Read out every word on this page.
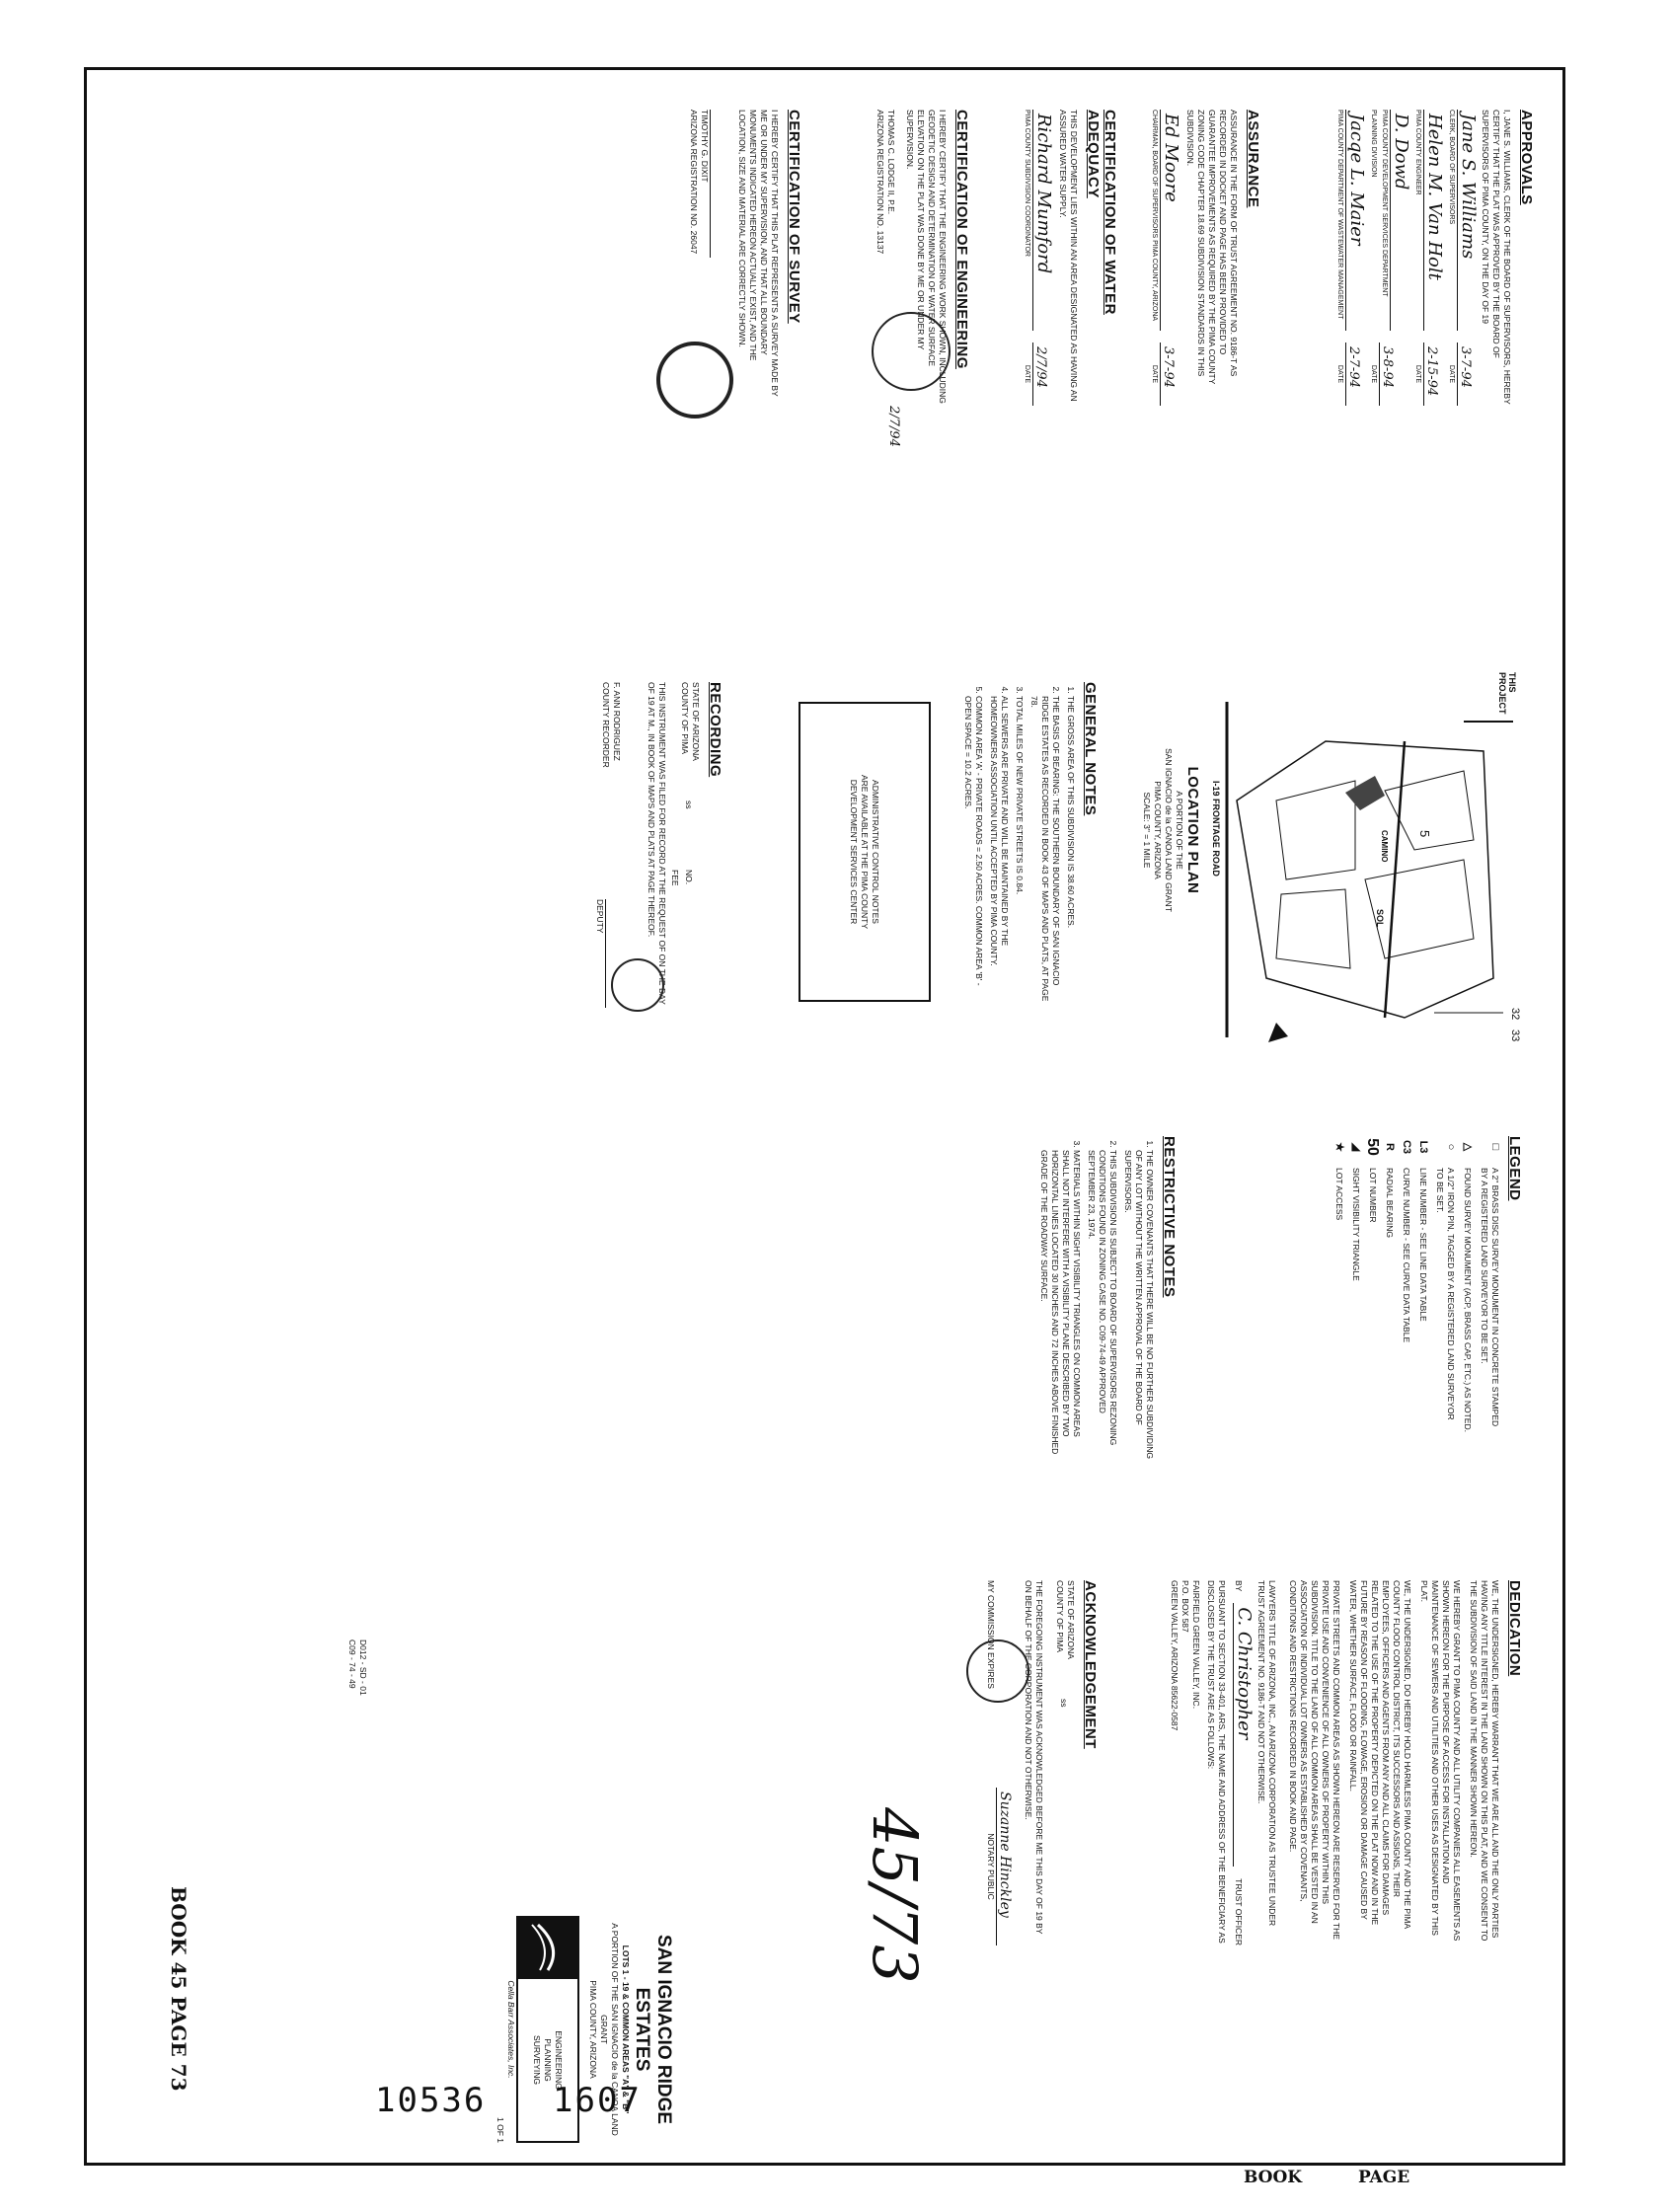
APPROVALS

I, JANE S. WILLIAMS, CLERK OF THE BOARD OF SUPERVISORS, HEREBY CERTIFY THAT THE PLAT WAS APPROVED BY THE BOARD OF SUPERVISORS OF PIMA COUNTY, ON THE DAY OF 19

Jane S. Williams

CLERK, BOARD OF SUPERVISORS

3-7-94

DATE

Helen M. Van Holt

PIMA COUNTY ENGINEER

2-15-94

DATE

D. Dowd

PIMA COUNTY DEVELOPMENT SERVICES DEPARTMENT PLANNING DIVISION

3-8-94

DATE

Jacqe L. Maier

PIMA COUNTY DEPARTMENT OF WASTEWATER MANAGEMENT

2-7-94

DATE

ASSURANCE

ASSURANCE IN THE FORM OF TRUST AGREEMENT NO. 9186-T AS RECORDED IN DOCKET AND PAGE HAS BEEN PROVIDED TO GUARANTEE IMPROVEMENTS AS REQUIRED BY THE PIMA COUNTY ZONING CODE CHAPTER 18.69 SUBDIVISION STANDARDS IN THIS SUBDIVISION.

Ed Moore

CHAIRMAN, BOARD OF SUPERVISORS PIMA COUNTY, ARIZONA

3-7-94

DATE

CERTIFICATION OF WATER ADEQUACY

THIS DEVELOPMENT LIES WITHIN AN AREA DESIGNATED AS HAVING AN ASSURED WATER SUPPLY.

Richard Mumford

PIMA COUNTY SUBDIVISION COORDINATOR

2/7/94

DATE

CERTIFICATION OF ENGINEERING

I HEREBY CERTIFY THAT THE ENGINEERING WORK SHOWN, INCLUDING GEODETIC DESIGN AND DETERMINATION OF WATER SURFACE ELEVATION ON THE PLAT WAS DONE BY ME OR UNDER MY SUPERVISION.

THOMAS C. LODGE II, P.E.

ARIZONA REGISTRATION NO. 13137

2/7/94

CERTIFICATION OF SURVEY

I HEREBY CERTIFY THAT THIS PLAT REPRESENTS A SURVEY MADE BY ME OR UNDER MY SUPERVISION, AND THAT ALL BOUNDARY MONUMENTS INDICATED HEREON ACTUALLY EXIST, AND THE LOCATION, SIZE AND MATERIAL ARE CORRECTLY SHOWN.

TIMOTHY G. DIXIT

ARIZONA REGISTRATION NO. 26047

THIS PROJECT
32
33
5
CAMINO
SOL
I-19 FRONTAGE ROAD

LOCATION PLAN

A PORTION OF THE

SAN IGNACIO de la CANOA LAND GRANT

PIMA COUNTY, ARIZONA

SCALE: 3" = 1 MILE

GENERAL NOTES

1. THE GROSS AREA OF THIS SUBDIVISION IS 38.60 ACRES.
2. THE BASIS OF BEARING: THE SOUTHERN BOUNDARY OF SAN IGNACIO RIDGE ESTATES AS RECORDED IN BOOK 43 OF MAPS AND PLATS, AT PAGE 78.
3. TOTAL MILES OF NEW PRIVATE STREETS IS 0.84.
4. ALL SEWERS ARE PRIVATE AND WILL BE MAINTAINED BY THE HOMEOWNERS ASSOCIATION UNTIL ACCEPTED BY PIMA COUNTY.
5. COMMON AREA 'A' - PRIVATE ROADS = 2.50 ACRES. COMMON AREA 'B' - OPEN SPACE = 10.2 ACRES.

ADMINISTRATIVE CONTROL NOTES

ARE AVAILABLE AT THE PIMA COUNTY

DEVELOPMENT SERVICES CENTER

RECORDING

STATE OF ARIZONA

COUNTY OF PIMA

ss

NO.

FEE

THIS INSTRUMENT WAS FILED FOR RECORD AT THE REQUEST OF ON THE DAY OF 19 AT M., IN BOOK OF MAPS AND PLATS AT PAGE THEREOF.

F. ANN RODRIGUEZ

COUNTY RECORDER

DEPUTY

LEGEND

□
A 2" BRASS DISC SURVEY MONUMENT IN CONCRETE STAMPED BY A REGISTERED LAND SURVEYOR TO BE SET.
△
FOUND SURVEY MONUMENT (ACP, BRASS CAP, ETC.) AS NOTED.
○
A 1/2" IRON PIN, TAGGED BY A REGISTERED LAND SURVEYOR TO BE SET.
L3
LINE NUMBER - SEE LINE DATA TABLE
C3
CURVE NUMBER - SEE CURVE DATA TABLE
R
RADIAL BEARING
50
LOT NUMBER
◢
SIGHT VISIBILITY TRIANGLE
★
LOT ACCESS

RESTRICTIVE NOTES

1. THE OWNER COVENANTS THAT THERE WILL BE NO FURTHER SUBDIVIDING OF ANY LOT WITHOUT THE WRITTEN APPROVAL OF THE BOARD OF SUPERVISORS.
2. THIS SUBDIVISION IS SUBJECT TO BOARD OF SUPERVISORS REZONING CONDITIONS FOUND IN ZONING CASE NO. C09-74-49 APPROVED SEPTEMBER 23, 1974.
3. MATERIALS WITHIN SIGHT VISIBILITY TRIANGLES ON COMMON AREAS SHALL NOT INTERFERE WITH A VISIBILITY PLANE DESCRIBED BY TWO HORIZONTAL LINES LOCATED 30 INCHES AND 72 INCHES ABOVE FINISHED GRADE OF THE ROADWAY SURFACE.

DEDICATION

WE, THE UNDERSIGNED, HEREBY WARRANT THAT WE ARE ALL AND THE ONLY PARTIES HAVING ANY TITLE INTEREST IN THE LAND SHOWN ON THIS PLAT, AND WE CONSENT TO THE SUBDIVISION OF SAID LAND IN THE MANNER SHOWN HEREON.

WE HEREBY GRANT TO PIMA COUNTY AND ALL UTILITY COMPANIES ALL EASEMENTS AS SHOWN HEREON FOR THE PURPOSE OF ACCESS FOR INSTALLATION AND MAINTENANCE OF SEWERS AND UTILITIES AND OTHER USES AS DESIGNATED BY THIS PLAT.

WE, THE UNDERSIGNED, DO HEREBY HOLD HARMLESS PIMA COUNTY AND THE PIMA COUNTY FLOOD CONTROL DISTRICT, ITS SUCCESSORS AND ASSIGNS, THEIR EMPLOYEES, OFFICERS AND AGENTS FROM ANY AND ALL CLAIMS FOR DAMAGES RELATED TO THE USE OF THE PROPERTY DEPICTED ON THE PLAT NOW AND IN THE FUTURE BY REASON OF FLOODING, FLOWAGE, EROSION OR DAMAGE CAUSED BY WATER, WHETHER SURFACE, FLOOD OR RAINFALL.

PRIVATE STREETS AND COMMON AREAS AS SHOWN HEREON ARE RESERVED FOR THE PRIVATE USE AND CONVENIENCE OF ALL OWNERS OF PROPERTY WITHIN THIS SUBDIVISION. TITLE TO THE LAND OF ALL COMMON AREAS SHALL BE VESTED IN AN ASSOCIATION OF INDIVIDUAL LOT OWNERS AS ESTABLISHED BY COVENANTS, CONDITIONS AND RESTRICTIONS RECORDED IN BOOK AND PAGE.

LAWYERS TITLE OF ARIZONA, INC., AN ARIZONA CORPORATION AS TRUSTEE UNDER TRUST AGREEMENT NO. 9186-T AND NOT OTHERWISE.

BY
C. Christopher
TRUST OFFICER

PURSUANT TO SECTION 33-401, ARS, THE NAME AND ADDRESS OF THE BENEFICIARY AS DISCLOSED BY THE TRUST ARE AS FOLLOWS:

FAIRFIELD GREEN VALLEY, INC.

P.O. BOX 587

GREEN VALLEY, ARIZONA 85622-0587

ACKNOWLEDGEMENT

STATE OF ARIZONA

COUNTY OF PIMA

ss

THE FOREGOING INSTRUMENT WAS ACKNOWLEDGED BEFORE ME THIS DAY OF 19 BY ON BEHALF OF THE CORPORATION AND NOT OTHERWISE.

MY COMMISSION EXPIRES

Suzanne Hinckley

NOTARY PUBLIC

D012 - SD - 01

C09 - 74 - 49

45/73

SAN IGNACIO RIDGE ESTATES

LOTS 1 - 19 & COMMON AREAS "A" & "B"

A PORTION OF THE SAN IGNACIO de la CANOA LAND GRANT

PIMA COUNTY, ARIZONA

ENGINEERING

PLANNING

SURVEYING

Cella Barr Associates, Inc.

1 OF 1

BOOK 45 PAGE 73
10536 1607
BOOK	PAGE
